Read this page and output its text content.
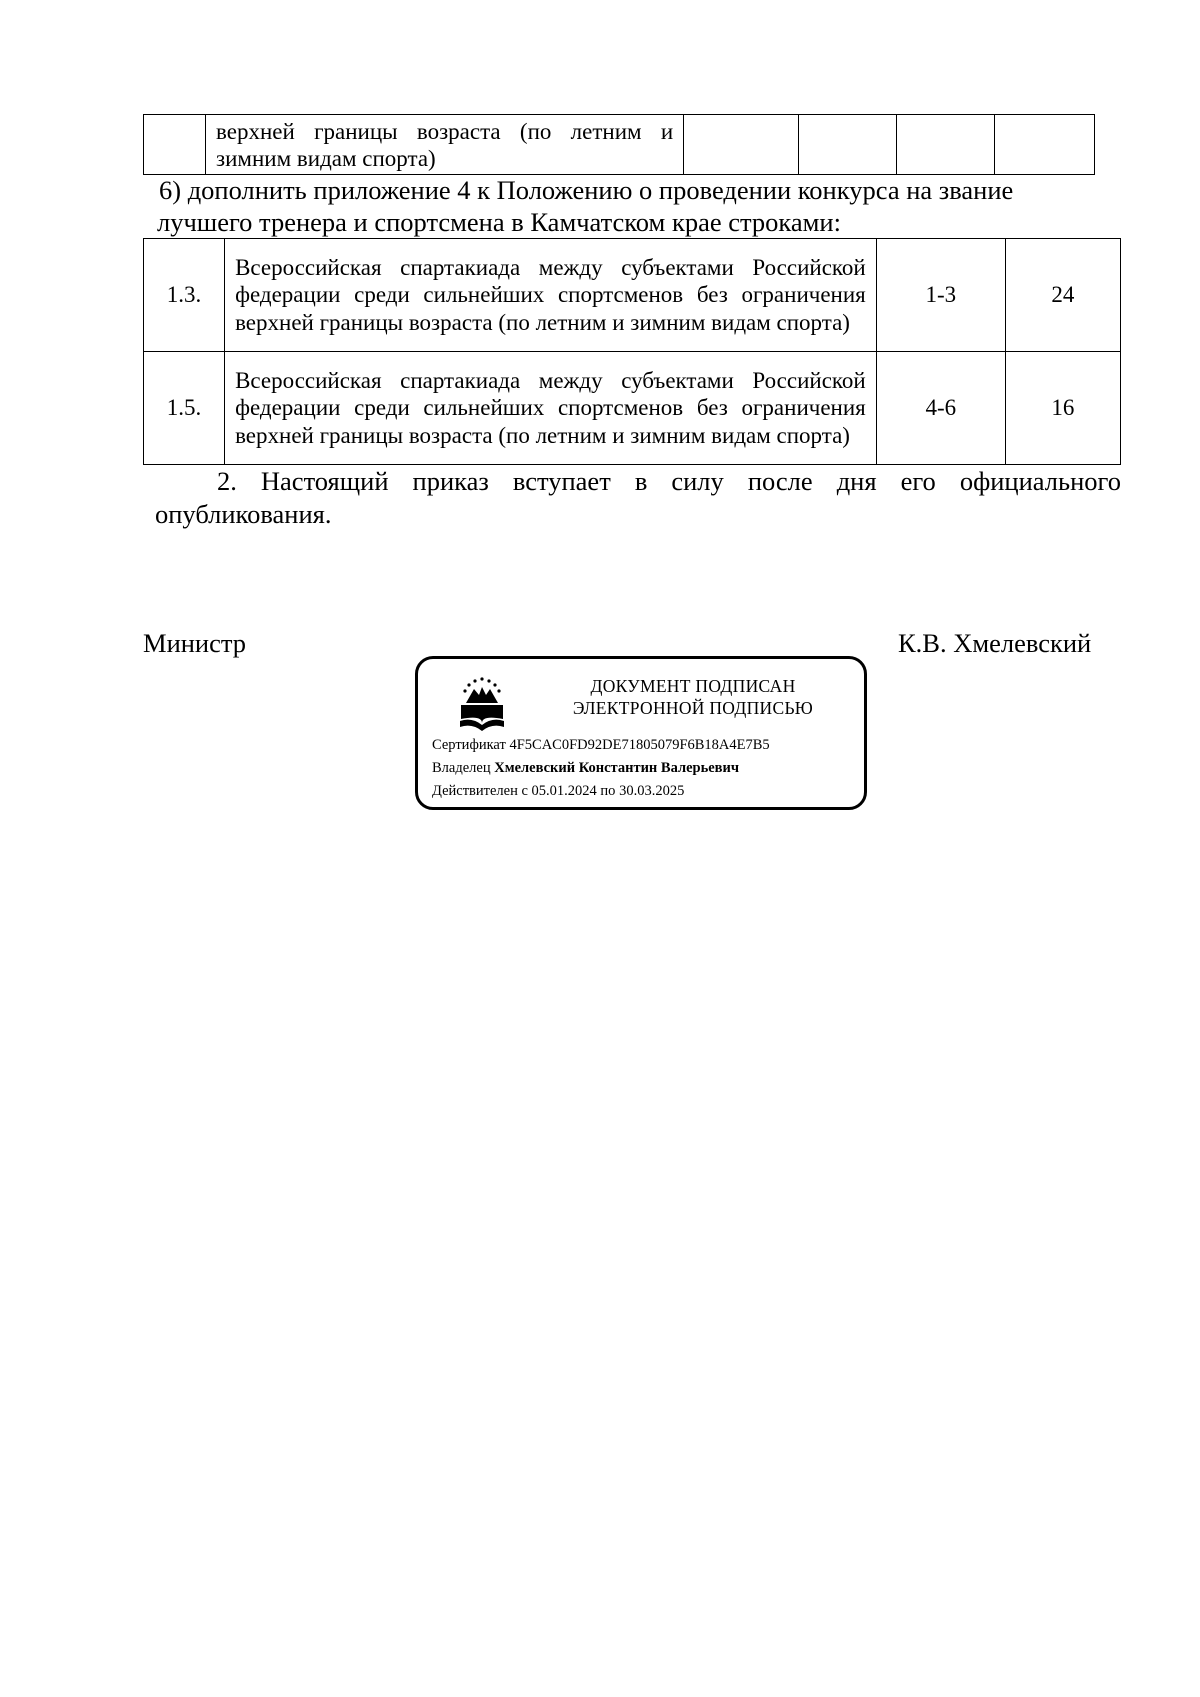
	верхней границы возраста (по летним и зимним видам спорта)				

6) дополнить приложение 4 к Положению о проведении конкурса на звание
лучшего тренера и спортсмена в Камчатском крае строками:

1.3.	Всероссийская спартакиада между субъектами Российской федерации среди сильнейших спортсменов без ограничения верхней границы возраста (по летним и зимним видам спорта)	1-3	24
1.5.	Всероссийская спартакиада между субъектами Российской федерации среди сильнейших спортсменов без ограничения верхней границы возраста (по летним и зимним видам спорта)	4-6	16

2. Настоящий приказ вступает в силу после дня его официального опубликования.

Министр	К.В. Хмелевский
ДОКУМЕНТ ПОДПИСАН
ЭЛЕКТРОННОЙ ПОДПИСЬЮ
Сертификат 4F5CAC0FD92DE71805079F6B18A4E7B5
Владелец Хмелевский Константин Валерьевич
Действителен с 05.01.2024 по 30.03.2025
